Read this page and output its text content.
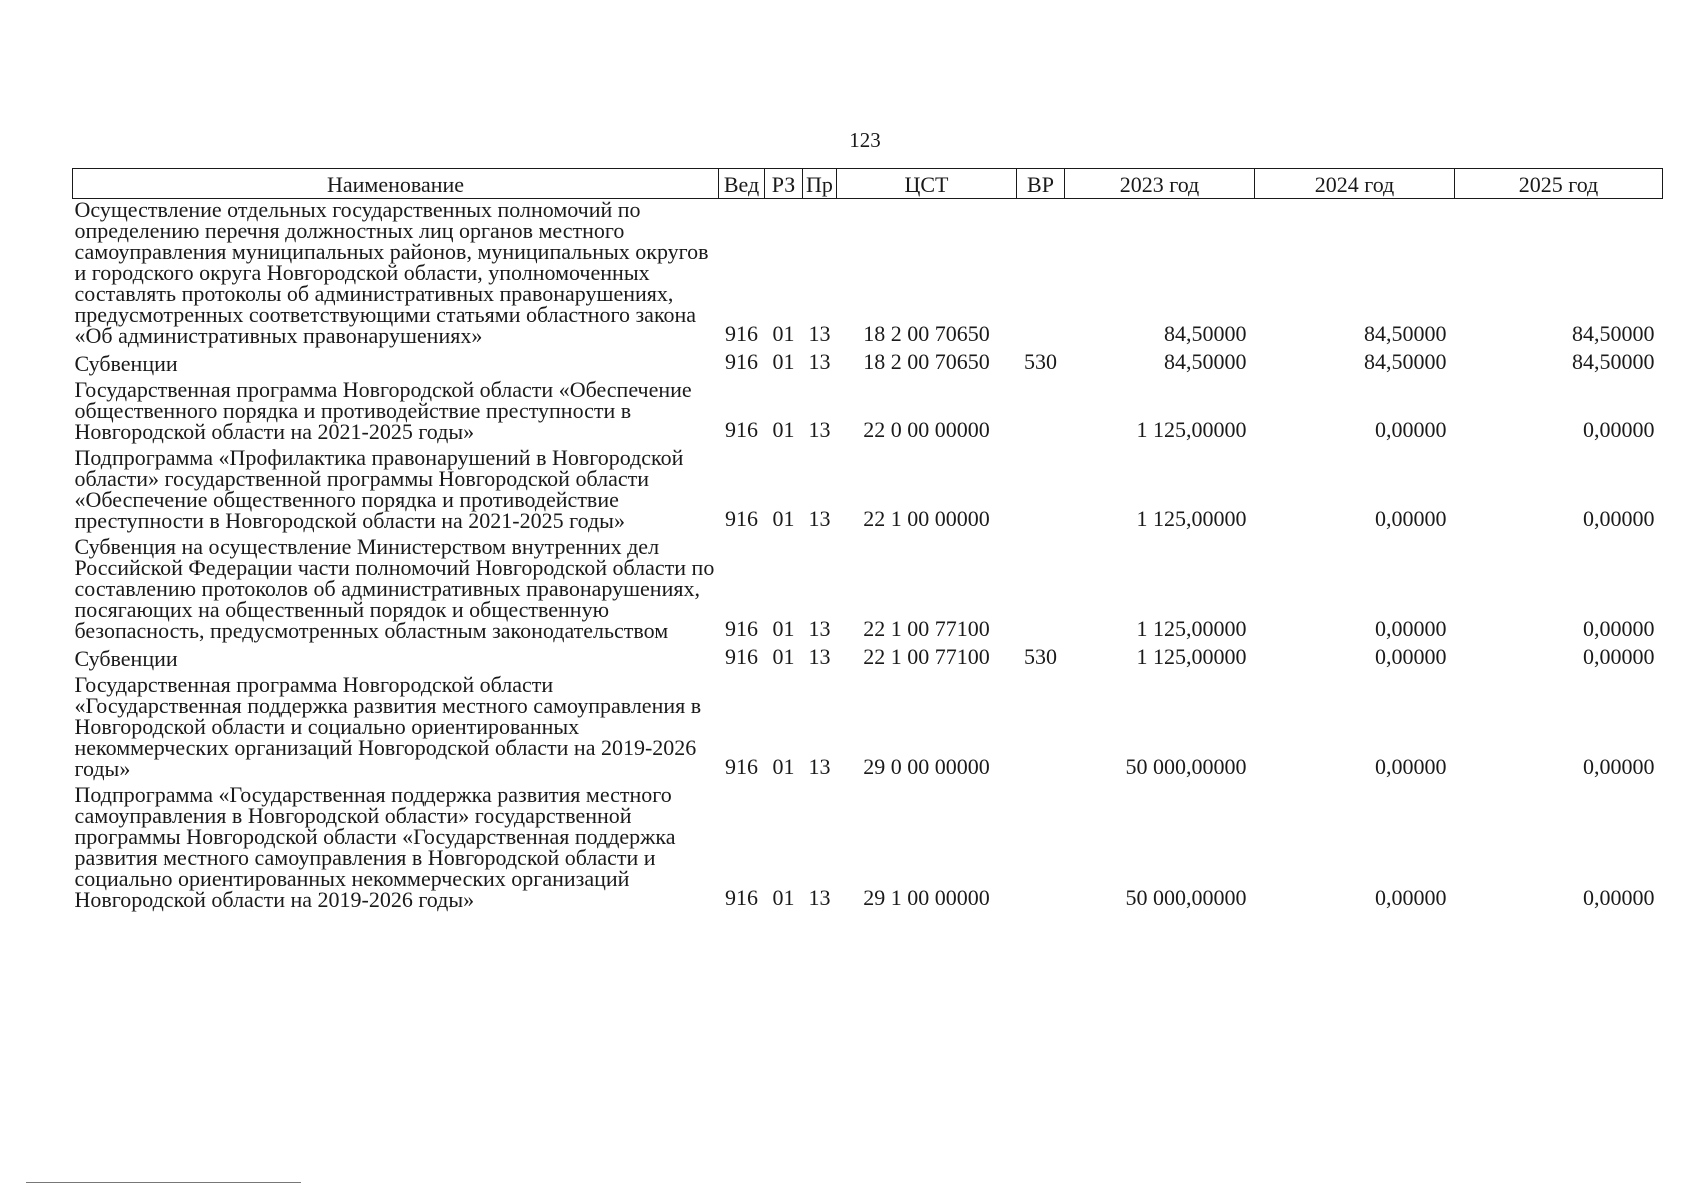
123
Наименование	Вед	РЗ	Пр	ЦСТ	ВР	2023 год	2024 год	2025 год
Осуществление отдельных государственных полномочий по определению перечня должностных лиц органов местного самоуправления муниципальных районов, муниципальных округов и городского округа Новгородской области, уполномоченных составлять протоколы об административных правонарушениях, предусмотренных соответствующими статьями областного закона «Об административных правонарушениях»	916	01	13	18 2 00 70650		84,50000	84,50000	84,50000
Субвенции	916	01	13	18 2 00 70650	530	84,50000	84,50000	84,50000
Государственная программа Новгородской области «Обеспечение общественного порядка и противодействие преступности в Новгородской области на 2021-2025 годы»	916	01	13	22 0 00 00000		1 125,00000	0,00000	0,00000
Подпрограмма «Профилактика правонарушений в Новгородской области» государственной программы Новгородской области «Обеспечение общественного порядка и противодействие преступности в Новгородской области на 2021-2025 годы»	916	01	13	22 1 00 00000		1 125,00000	0,00000	0,00000
Субвенция на осуществление Министерством внутренних дел Российской Федерации части полномочий Новгородской области по составлению протоколов об административных правонарушениях, посягающих на общественный порядок и общественную безопасность, предусмотренных областным законодательством	916	01	13	22 1 00 77100		1 125,00000	0,00000	0,00000
Субвенции	916	01	13	22 1 00 77100	530	1 125,00000	0,00000	0,00000
Государственная программа Новгородской области «Государственная поддержка развития местного самоуправления в Новгородской области и социально ориентированных некоммерческих организаций Новгородской области на 2019-2026 годы»	916	01	13	29 0 00 00000		50 000,00000	0,00000	0,00000
Подпрограмма «Государственная поддержка развития местного самоуправления в Новгородской области» государственной программы Новгородской области «Государственная поддержка развития местного самоуправления в Новгородской области и социально ориентированных некоммерческих организаций Новгородской области на 2019-2026 годы»	916	01	13	29 1 00 00000		50 000,00000	0,00000	0,00000
